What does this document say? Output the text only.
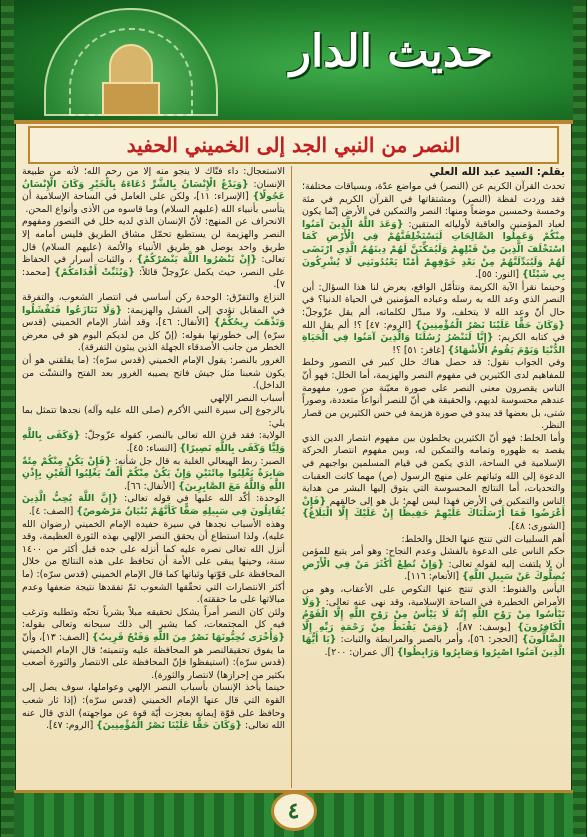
حديث الدار
النصر من النبي الجد إلى الخميني الحفيد
بقلم: السيد عبد الله العلي

تحدث القرآن الكريم عن (النصر) في مواضع عدّة، وبسياقات مختلفة؛ فقد وردت لفظة (النصر) ومشتقاتها في القرآن الكريم في مئة وخمسة وخمسين موضعاً ومنها: النصر والتمكين في الأرض إنّما يكون لعباد المؤمنين والعاقبة لأوليائه المتقين: {وَعَدَ اللَّهُ الَّذِينَ آمَنُوا مِنْكُمْ وَعَمِلُوا الصَّالِحَاتِ لَيَسْتَخْلِفَنَّهُمْ فِي الْأَرْضِ كَمَا اسْتَخْلَفَ الَّذِينَ مِنْ قَبْلِهِمْ وَلَيُمَكِّنَنَّ لَهُمْ دِينَهُمُ الَّذِي ارْتَضَى لَهُمْ وَلَيُبَدِّلَنَّهُمْ مِنْ بَعْدِ خَوْفِهِمْ أَمْنًا يَعْبُدُونَنِي لَا يُشْرِكُونَ بِي شَيْئًا} [النور: ٥٥].

وحينما نقرأ الآية الكريمة ونتأمّل الواقع، يعرض لنا هذا السؤال: أين النصر الذي وعد الله به رسله وعباده المؤمنين في الحياة الدنيا؟ في حال أنّ وعد الله لا يتخلف، ولا مبدّل لكلماته، ألم يقل عزّوجلّ: {وَكَانَ حَقًّا عَلَيْنَا نَصْرُ الْمُؤْمِنِينَ} [الروم: ٤٧] ؟! ألم يقل الله في كتابه الكريم: {إِنَّا لَنَنْصُرُ رُسُلَنَا وَالَّذِينَ آمَنُوا فِي الْحَيَاةِ الدُّنْيَا وَيَوْمَ يَقُومُ الْأَشْهَادُ} [غافر: ٥١] ؟!

وفي الجواب نقول: قد حصل هناك خلل كبير في التصور وخلط للمفاهيم لدى الكثيرين في مفهوم النصر والهزيمة، أما الخلل: فهو أنّ الناس يقصرون معنى النصر على صورة معيّنة من صور، مفهومة عندهم محسوسة لديهم، والحقيقة هي أنّ للنصر أنواعاً متعددة، وصوراً شتى، بل بعضها قد يبدو في صورة هزيمة في حس الكثيرين من قصار النظر.

وأما الخلط: فهو أنّ الكثيرين يخلطون بين مفهوم انتصار الدين الذي يقصد به ظهوره وتمامه والتمكين له، وبين مفهوم انتصار الحركة الإسلامية في الساحة، الذي يكمن في قيام المسلمين بواجبهم في الدعوة إلى الله وثباتهم على منهج الرسول (ص) مهما كانت العقبات والتحديات، أما النتائج المحسوسة التي يتوق إليها البشر من هداية الناس والتمكين في الأرض فهذا ليس لهم؛ بل هو إلى خالقهم {فَإِنْ أَعْرَضُوا فَمَا أَرْسَلْنَاكَ عَلَيْهِمْ حَفِيظًا إِنْ عَلَيْكَ إِلَّا الْبَلَاغُ} [الشورى: ٤٨].

أهم السلبيات التي تنتج عنها الخلل والخلط:

حكم الناس على الدعوة بالفشل وعدم النجاح: وهو أمر يتبع للمؤمن أن لا يلتفت إليه لقوله تعالى: {وَإِنْ تُطِعْ أَكْثَرَ مَنْ فِي الْأَرْضِ يُضِلُّوكَ عَنْ سَبِيلِ اللَّهِ} [الأنعام: ١١٦].

اليأس والقنوط: الذي تنتج عنها النكوص على الأعقاب، وهو من الأمراض الخطيرة في الساحة الإسلامية، وقد نهى عنه تعالى: {وَلَا تَيْأَسُوا مِنْ رَوْحِ اللَّهِ إِنَّهُ لَا يَيْأَسُ مِنْ رَوْحِ اللَّهِ إِلَّا الْقَوْمُ الْكَافِرُونَ} [يوسف: ٨٧]، {وَمَنْ يَقْنَطُ مِنْ رَحْمَةِ رَبِّهِ إِلَّا الضَّالُّونَ} [الحجر: ٥٦]، وأمر بالصبر والمرابطة والثبات: {يَا أَيُّهَا الَّذِينَ آمَنُوا اصْبِرُوا وَصَابِرُوا وَرَابِطُوا} [آل عمران: ٢٠٠].

الاستعجال: داء فتّاك لا ينجو منه إلا من رحم الله؛ لأنه من طبيعة الإنسان: {وَيَدْعُ الْإِنْسَانُ بِالشَّرِّ دُعَاءَهُ بِالْخَيْرِ وَكَانَ الْإِنْسَانُ عَجُولًا} [الإسراء: ١١]، ولكن على العامل في الساحة الإسلامية أن يتأسى بأنبياء الله (عليهم السلام) وما قاسوه من الأذى وأنواع المحن.

الانحراف عن المنهج: لأنّ الإنسان الذي لديه خلل في التصور ومفهوم النصر والهزيمة لن يستطيع تحمّل مشاق الطريق فليس أمامه إلا طريق واحد يوصل هو طريق الأنبياء والأئمة (عليهم السلام) قال تعالى: {إِنْ تَنْصُرُوا اللَّهَ يَنْصُرْكُمْ} ، والثبات أسرار في الحفاظ على النصر، حيث يكمل عزّوجلّ قائلاً: {وَيُثَبِّتْ أَقْدَامَكُمْ} [محمد: ٧].

النزاع والتفرّق: الوحدة ركن أساسي في انتصار الشعوب، والتفرقة في المقابل تؤدي إلى الفشل والهزيمة: {وَلَا تَنَازَعُوا فَتَفْشَلُوا وَتَذْهَبَ رِيحُكُمْ} [الأنفال: ٤٦]، وقد أشار الإمام الخميني (قدس سرّه) إلى خطورتها بقوله: (إنّ كل من لديكم اليوم هو في معرض الخطر من جانب الأصدقاء الجهلة الذين يبثون التفرقة).

الغرور بالنصر: يقول الإمام الخميني (قدس سرّه): (ما يقلقني هو أن يكون شعبنا مثل جيش فاتح يصيبه الغرور بعد الفتح والتشتّت من الداخل).

أسباب النصر الإلهي

بالرجوع إلى سيرة النبي الأكرم (صلى الله عليه وآله) نجدها تتمثل بما يلي:

الولاية: فقد قرن الله تعالى بالنصر، كقوله عزّوجلّ: {وَكَفَى بِاللَّهِ وَلِيًّا وَكَفَى بِاللَّهِ نَصِيرًا} [النساء: ٤٥].

الصبر: ربط الهيعالي الغلبة به قال جل شأنه: {فَإِنْ يَكُنْ مِنْكُمْ مِئَةٌ صَابِرَةٌ يَغْلِبُوا مِائَتَيْنِ وَإِنْ يَكُنْ مِنْكُمْ أَلْفٌ يَغْلِبُوا أَلْفَيْنِ بِإِذْنِ اللَّهِ وَاللَّهُ مَعَ الصَّابِرِينَ} [الأنفال: ٦٦].

الوحدة: أكّد الله عليها في قوله تعالى: {إِنَّ اللَّهَ يُحِبُّ الَّذِينَ يُقَاتِلُونَ فِي سَبِيلِهِ صَفًّا كَأَنَّهُمْ بُنْيَانٌ مَرْصُوصٌ} [الصف: ٤].

وهذه الأسباب نجدها في سيرة حفيده الإمام الخميني (رضوان الله عليه)، ولذا استطاع أن يحقق النصر الإلهي بهذه الثورة العظيمة، وقد أنزل الله تعالى نصره عليه كما أنزله على جده قبل أكثر من ١٤٠٠ سنة، وحينها يبقى على الأمة أن تحافظ على هذه النتائج من خلال المحافظة على قوّتها وثباتها كما قال الإمام الخميني (قدس سرّه): (ما أكثر الانتصارات التي تحقّقها الشعوب ثمّ تفقدها نتيجة ضعفها وعدم مبالاتها على ما حققته).

ولئن كان النصر أمراً يشكل تحقيقه مبلاً بشرياً تحبّه وتطلبه وترغب فيه كل المجتمعات، كما يشير إلى ذلك سبحانه وتعالى بقوله: {وَأُخْرَى تُحِبُّونَهَا نَصْرٌ مِنَ اللَّهِ وَفَتْحٌ قَرِيبٌ} [الصف: ١٣]، وأنّ ما يفوق تحقيقالنصر هو المحافظة عليه وتنميته؛ قال الإمام الخميني (قدس سرّه): (استيفظوا فإنّ المحافظة على الانتصار والثورة أصعب بكثير من إحرازها) لانتصار والثورة).

حينما يأخذ الإنسان بأسباب النصر الإلهي وعواملها، سوف يصل إلى القوة التي قال عنها الإمام الخميني (قدس سرّه): (إذا ثار شعب وحافظ على قوّة إيمانه بعجزت أيّة قوة عن مواجهته) الذي قال عنه الله تعالى: {وَكَانَ حَقًّا عَلَيْنَا نَصْرُ الْمُؤْمِنِينَ} [الروم: ٤٧].

٤
